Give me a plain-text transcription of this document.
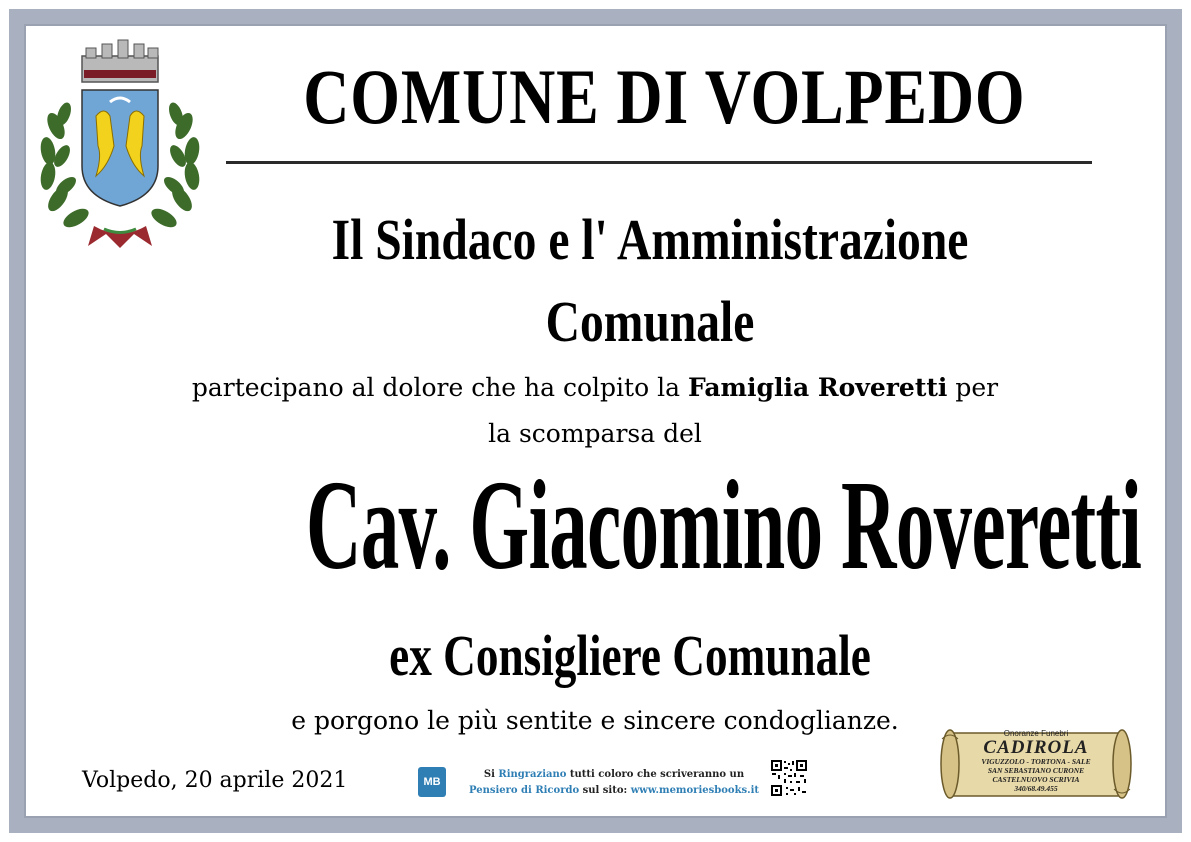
COMUNE DI VOLPEDO
Il Sindaco e l' Amministrazione
Comunale
partecipano al dolore che ha colpito la Famiglia Roveretti per
la scomparsa del
Cav. Giacomino Roveretti
ex Consigliere Comunale
e porgono le più sentite e sincere condoglianze.
Volpedo, 20 aprile 2021	MB
Si Ringraziano tutti coloro che scriveranno un
Pensiero di Ricordo sul sito: www.memoriesbooks.it
Onoranze Funebri
CADIROLA
VIGUZZOLO - TORTONA - SALE
SAN SEBASTIANO CURONE
CASTELNUOVO SCRIVIA
340/68.49.455
